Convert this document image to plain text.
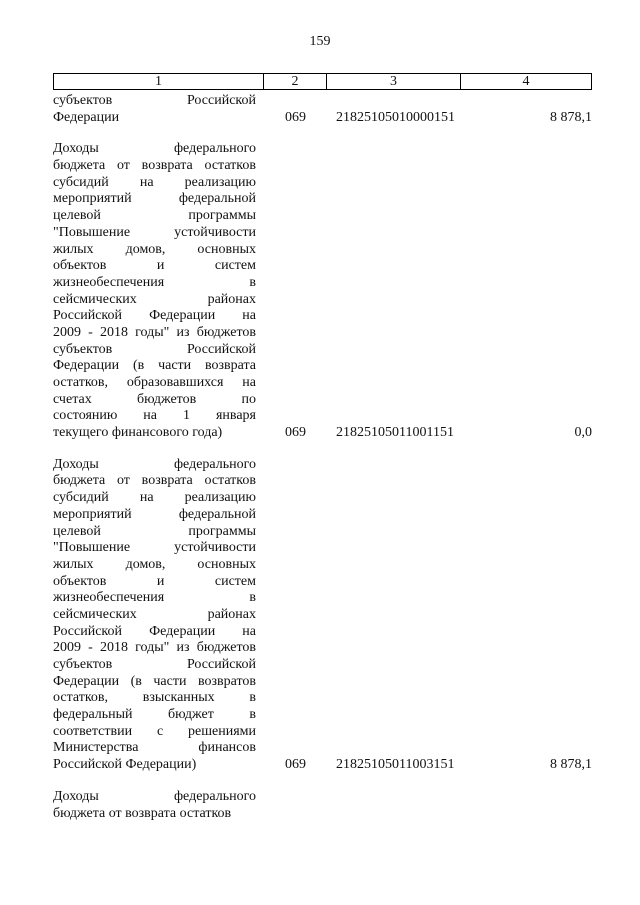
159
1	2	3	4
субъектов Российской
Федерации	069 21825105010000151	8 878,1
Доходы федерального
бюджета от возврата остатков
субсидий на реализацию
мероприятий федеральной
целевой программы
"Повышение устойчивости
жилых домов, основных
объектов и систем
жизнеобеспечения в
сейсмических районах
Российской Федерации на
2009 - 2018 годы" из бюджетов
субъектов Российской
Федерации (в части возврата
остатков, образовавшихся на
счетах бюджетов по
состоянию на 1 января
текущего финансового года)	069 21825105011001151	0,0
Доходы федерального
бюджета от возврата остатков
субсидий на реализацию
мероприятий федеральной
целевой программы
"Повышение устойчивости
жилых домов, основных
объектов и систем
жизнеобеспечения в
сейсмических районах
Российской Федерации на
2009 - 2018 годы" из бюджетов
субъектов Российской
Федерации (в части возвратов
остатков, взысканных в
федеральный бюджет в
соответствии с решениями
Министерства финансов
Российской Федерации)	069 21825105011003151	8 878,1
Доходы федерального
бюджета от возврата остатков
